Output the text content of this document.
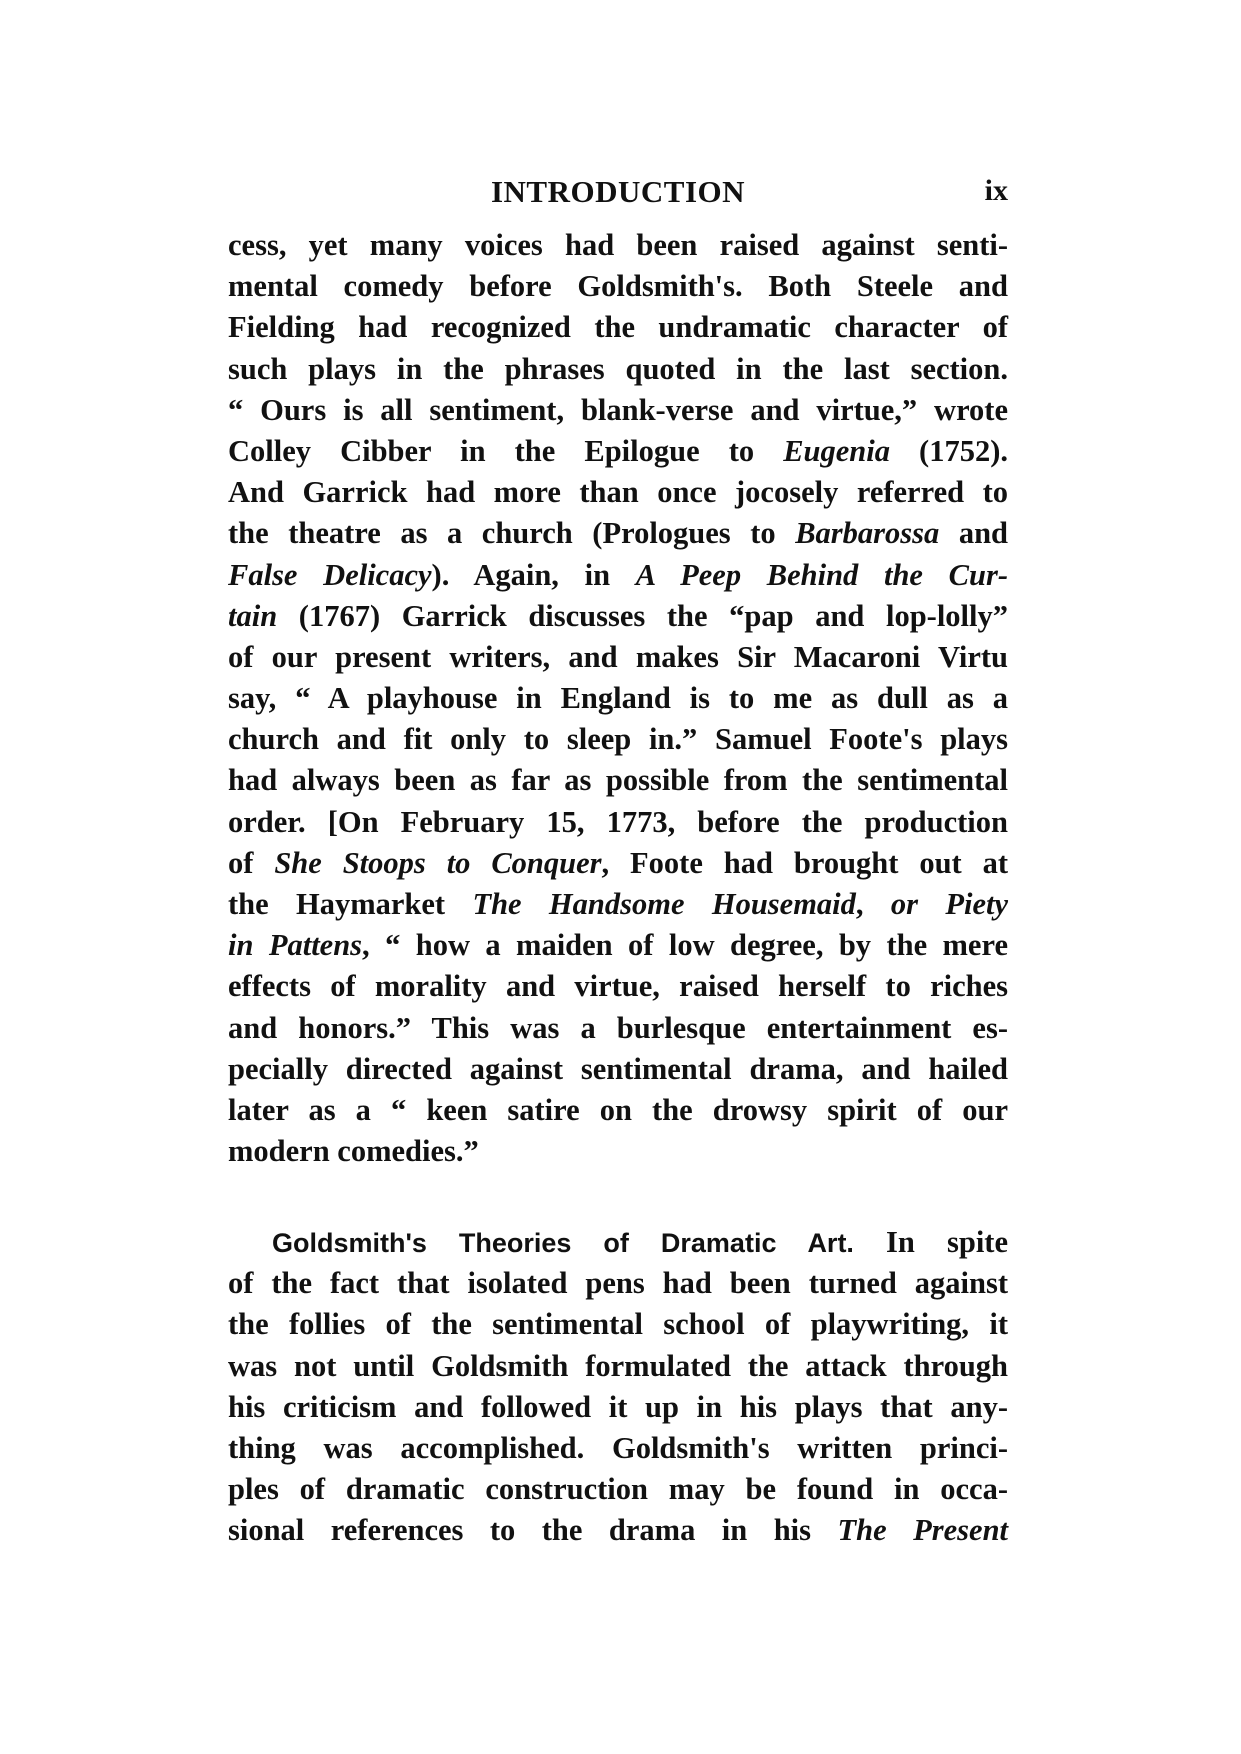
INTRODUCTION	ix
cess, yet many voices had been raised against senti-
mental comedy before Goldsmith's. Both Steele and
Fielding had recognized the undramatic character of
such plays in the phrases quoted in the last section.
“ Ours is all sentiment, blank-verse and virtue,” wrote
Colley Cibber in the Epilogue to Eugenia (1752).
And Garrick had more than once jocosely referred to
the theatre as a church (Prologues to Barbarossa and
False Delicacy). Again, in A Peep Behind the Cur-
tain (1767) Garrick discusses the “pap and lop-lolly”
of our present writers, and makes Sir Macaroni Virtu
say, “ A playhouse in England is to me as dull as a
church and fit only to sleep in.” Samuel Foote's plays
had always been as far as possible from the sentimental
order. [On February 15, 1773, before the production
of She Stoops to Conquer, Foote had brought out at
the Haymarket The Handsome Housemaid, or Piety
in Pattens, “ how a maiden of low degree, by the mere
effects of morality and virtue, raised herself to riches
and honors.” This was a burlesque entertainment es-
pecially directed against sentimental drama, and hailed
later as a “ keen satire on the drowsy spirit of our
modern comedies.”
Goldsmith's Theories of Dramatic Art. In spite
of the fact that isolated pens had been turned against
the follies of the sentimental school of playwriting, it
was not until Goldsmith formulated the attack through
his criticism and followed it up in his plays that any-
thing was accomplished. Goldsmith's written princi-
ples of dramatic construction may be found in occa-
sional references to the drama in his The Present
